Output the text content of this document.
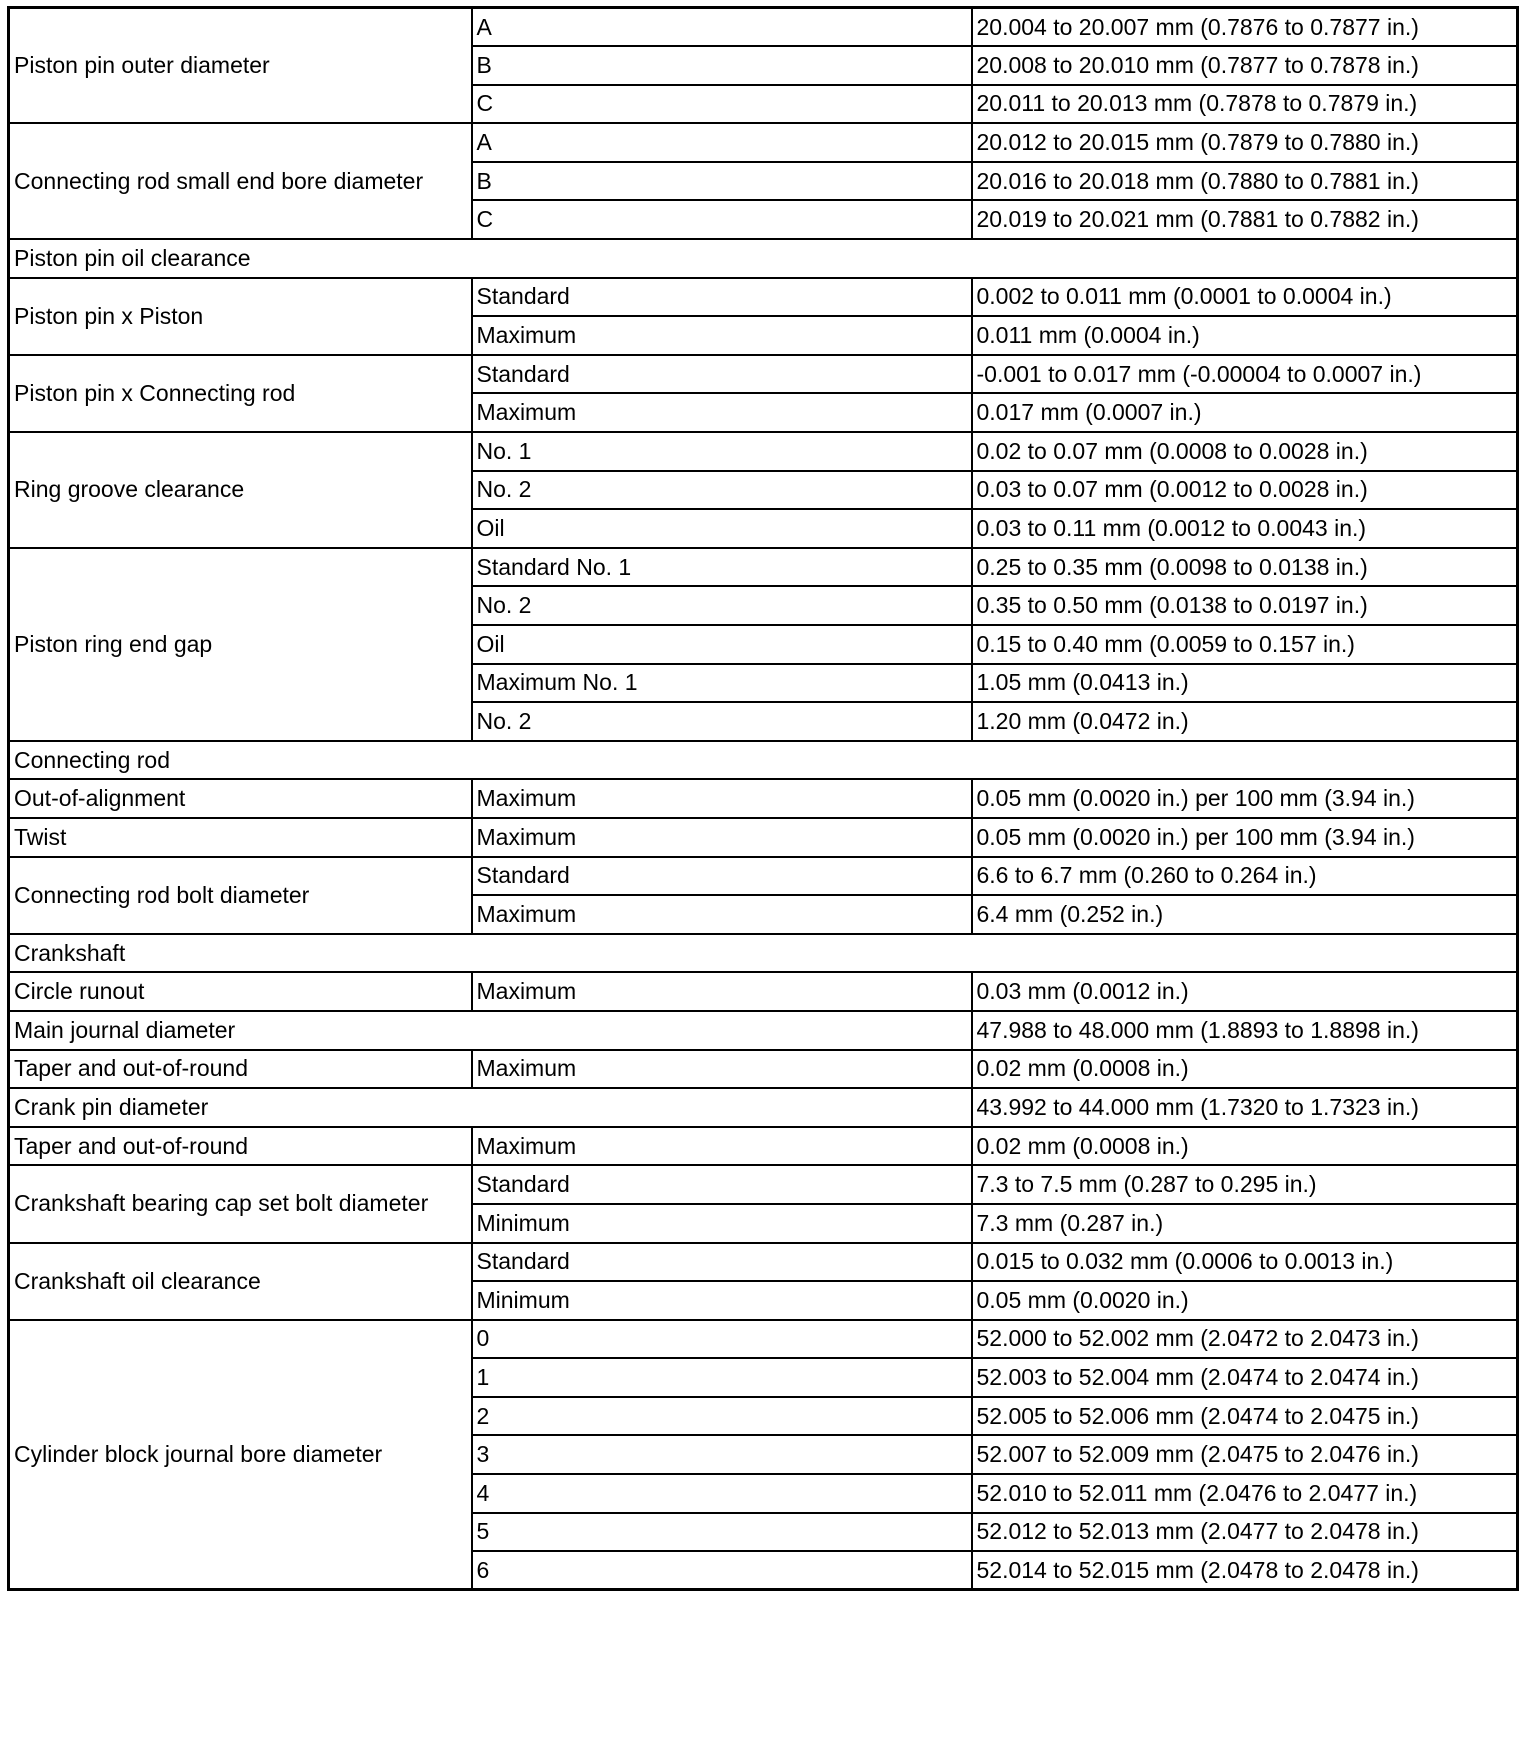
Piston pin outer diameter	A	20.004 to 20.007 mm (0.7876 to 0.7877 in.)
	B	20.008 to 20.010 mm (0.7877 to 0.7878 in.)
	C	20.011 to 20.013 mm (0.7878 to 0.7879 in.)
Connecting rod small end bore diameter	A	20.012 to 20.015 mm (0.7879 to 0.7880 in.)
	B	20.016 to 20.018 mm (0.7880 to 0.7881 in.)
	C	20.019 to 20.021 mm (0.7881 to 0.7882 in.)
Piston pin oil clearance		
Piston pin x Piston	Standard	0.002 to 0.011 mm (0.0001 to 0.0004 in.)
	Maximum	0.011 mm (0.0004 in.)
Piston pin x Connecting rod	Standard	-0.001 to 0.017 mm (-0.00004 to 0.0007 in.)
	Maximum	0.017 mm (0.0007 in.)
Ring groove clearance	No. 1	0.02 to 0.07 mm (0.0008 to 0.0028 in.)
	No. 2	0.03 to 0.07 mm (0.0012 to 0.0028 in.)
	Oil	0.03 to 0.11 mm (0.0012 to 0.0043 in.)
Piston ring end gap	Standard No. 1	0.25 to 0.35 mm (0.0098 to 0.0138 in.)
	No. 2	0.35 to 0.50 mm (0.0138 to 0.0197 in.)
	Oil	0.15 to 0.40 mm (0.0059 to 0.157 in.)
	Maximum No. 1	1.05 mm (0.0413 in.)
	No. 2	1.20 mm (0.0472 in.)
Connecting rod		
Out-of-alignment	Maximum	0.05 mm (0.0020 in.) per 100 mm (3.94 in.)
Twist	Maximum	0.05 mm (0.0020 in.) per 100 mm (3.94 in.)
Connecting rod bolt diameter	Standard	6.6 to 6.7 mm (0.260 to 0.264 in.)
	Maximum	6.4 mm (0.252 in.)
Crankshaft		
Circle runout	Maximum	0.03 mm (0.0012 in.)
Main journal diameter		47.988 to 48.000 mm (1.8893 to 1.8898 in.)
Taper and out-of-round	Maximum	0.02 mm (0.0008 in.)
Crank pin diameter		43.992 to 44.000 mm (1.7320 to 1.7323 in.)
Taper and out-of-round	Maximum	0.02 mm (0.0008 in.)
Crankshaft bearing cap set bolt diameter	Standard	7.3 to 7.5 mm (0.287 to 0.295 in.)
	Minimum	7.3 mm (0.287 in.)
Crankshaft oil clearance	Standard	0.015 to 0.032 mm (0.0006 to 0.0013 in.)
	Minimum	0.05 mm (0.0020 in.)
Cylinder block journal bore diameter	0	52.000 to 52.002 mm (2.0472 to 2.0473 in.)
	1	52.003 to 52.004 mm (2.0474 to 2.0474 in.)
	2	52.005 to 52.006 mm (2.0474 to 2.0475 in.)
	3	52.007 to 52.009 mm (2.0475 to 2.0476 in.)
	4	52.010 to 52.011 mm (2.0476 to 2.0477 in.)
	5	52.012 to 52.013 mm (2.0477 to 2.0478 in.)
	6	52.014 to 52.015 mm (2.0478 to 2.0478 in.)
